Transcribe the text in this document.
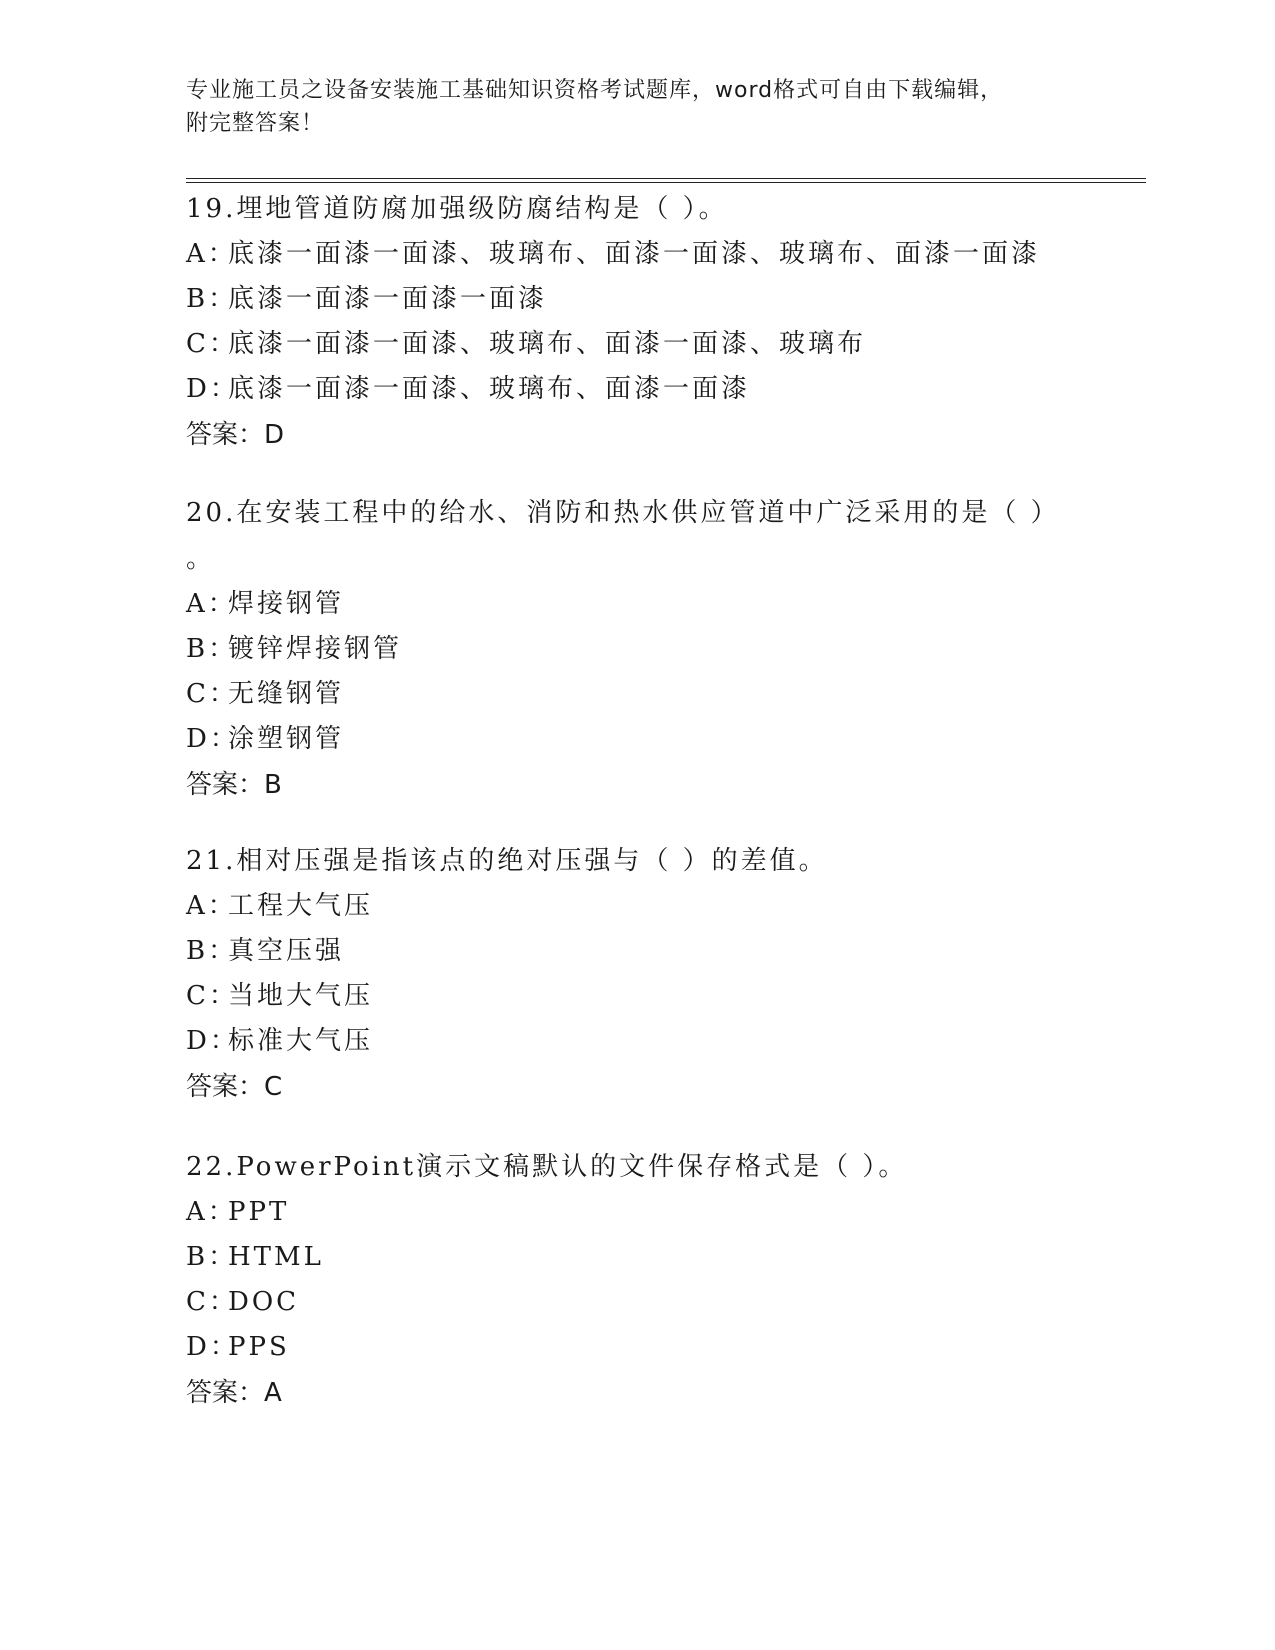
专业施工员之设备安装施工基础知识资格考试题库，word格式可自由下载编辑，
附完整答案！

19.埋地管道防腐加强级防腐结构是（ ）。

A：底漆一面漆一面漆、玻璃布、面漆一面漆、玻璃布、面漆一面漆

B：底漆一面漆一面漆一面漆

C：底漆一面漆一面漆、玻璃布、面漆一面漆、玻璃布

D：底漆一面漆一面漆、玻璃布、面漆一面漆

答案：D

20.在安装工程中的给水、消防和热水供应管道中广泛采用的是（ ）

。

A：焊接钢管

B：镀锌焊接钢管

C：无缝钢管

D：涂塑钢管

答案：B

21.相对压强是指该点的绝对压强与（ ）的差值。

A：工程大气压

B：真空压强

C：当地大气压

D：标准大气压

答案：C

22.PowerPoint演示文稿默认的文件保存格式是（ ）。

A：PPT

B：HTML

C：DOC

D：PPS

答案：A
